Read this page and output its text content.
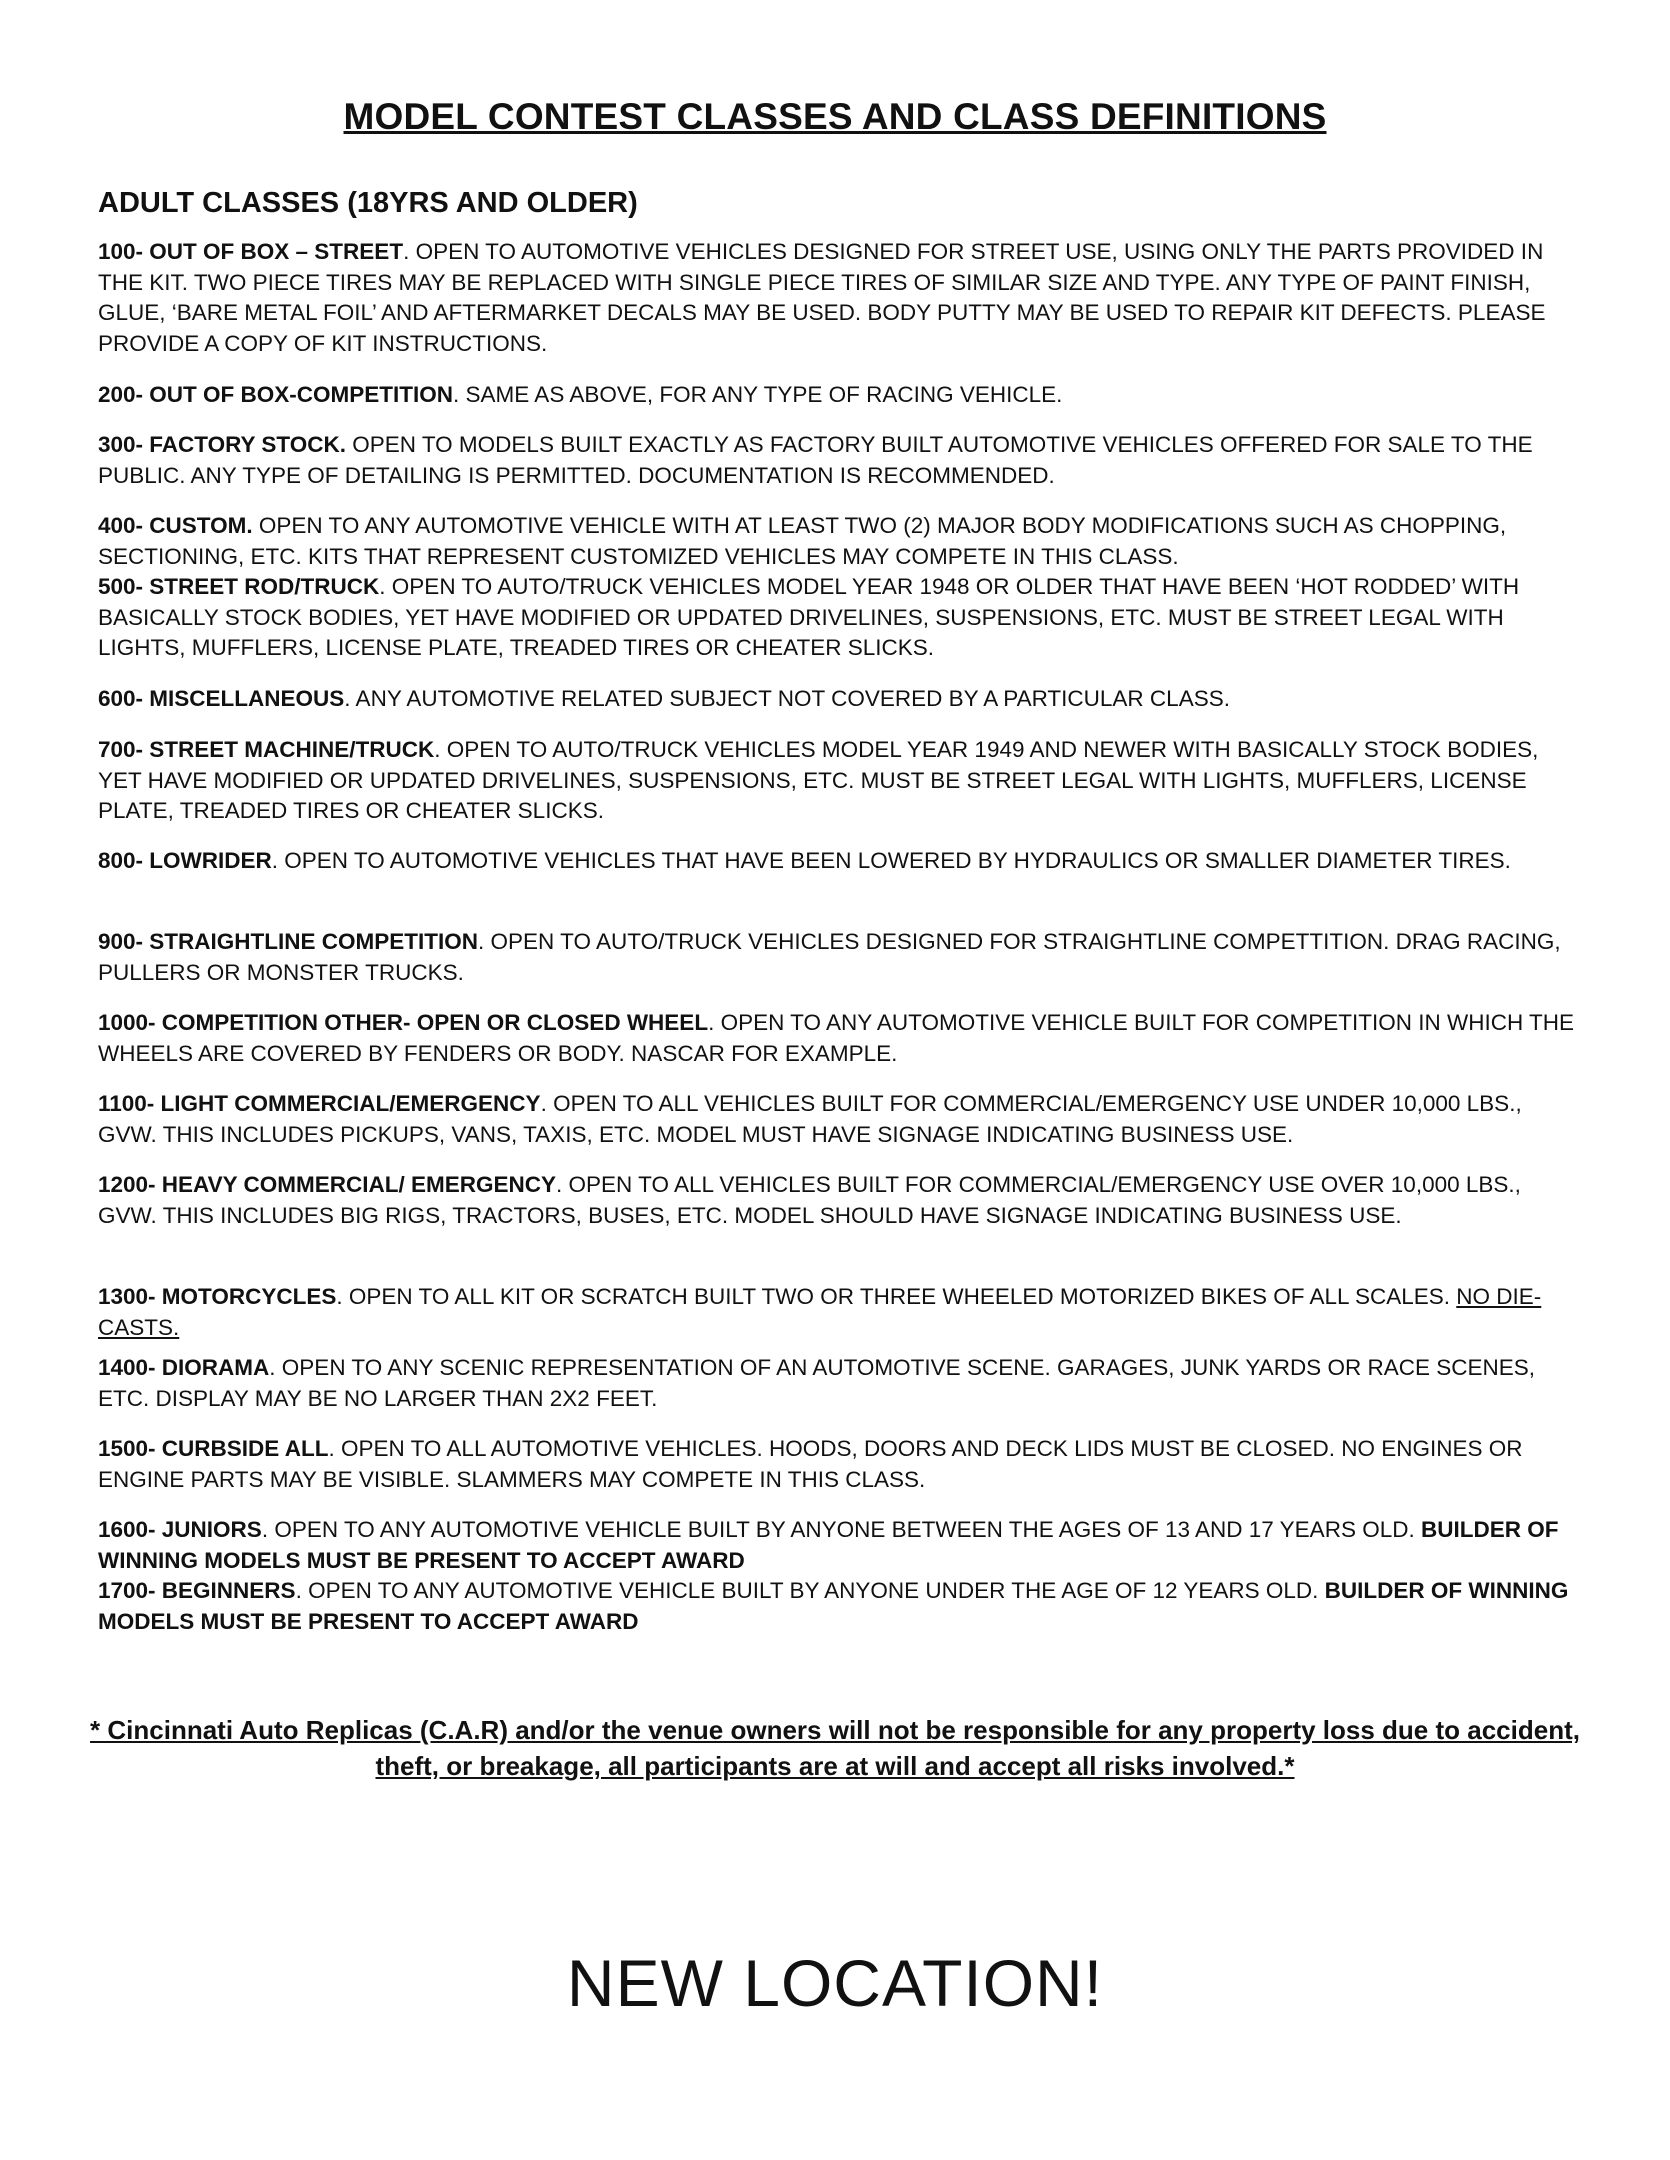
MODEL CONTEST CLASSES AND CLASS DEFINITIONS
ADULT CLASSES (18YRS AND OLDER)
100- OUT OF BOX – STREET. OPEN TO AUTOMOTIVE VEHICLES DESIGNED FOR STREET USE, USING ONLY THE PARTS PROVIDED IN THE KIT. TWO PIECE TIRES MAY BE REPLACED WITH SINGLE PIECE TIRES OF SIMILAR SIZE AND TYPE. ANY TYPE OF PAINT FINISH, GLUE, ‘BARE METAL FOIL’ AND AFTERMARKET DECALS MAY BE USED. BODY PUTTY MAY BE USED TO REPAIR KIT DEFECTS. PLEASE PROVIDE A COPY OF KIT INSTRUCTIONS.
200- OUT OF BOX-COMPETITION. SAME AS ABOVE, FOR ANY TYPE OF RACING VEHICLE.
300- FACTORY STOCK. OPEN TO MODELS BUILT EXACTLY AS FACTORY BUILT AUTOMOTIVE VEHICLES OFFERED FOR SALE TO THE PUBLIC. ANY TYPE OF DETAILING IS PERMITTED. DOCUMENTATION IS RECOMMENDED.
400- CUSTOM. OPEN TO ANY AUTOMOTIVE VEHICLE WITH AT LEAST TWO (2) MAJOR BODY MODIFICATIONS SUCH AS CHOPPING, SECTIONING, ETC. KITS THAT REPRESENT CUSTOMIZED VEHICLES MAY COMPETE IN THIS CLASS.
500- STREET ROD/TRUCK. OPEN TO AUTO/TRUCK VEHICLES MODEL YEAR 1948 OR OLDER THAT HAVE BEEN ‘HOT RODDED’ WITH BASICALLY STOCK BODIES, YET HAVE MODIFIED OR UPDATED DRIVELINES, SUSPENSIONS, ETC. MUST BE STREET LEGAL WITH LIGHTS, MUFFLERS, LICENSE PLATE, TREADED TIRES OR CHEATER SLICKS.
600- MISCELLANEOUS. ANY AUTOMOTIVE RELATED SUBJECT NOT COVERED BY A PARTICULAR CLASS.
700- STREET MACHINE/TRUCK. OPEN TO AUTO/TRUCK VEHICLES MODEL YEAR 1949 AND NEWER WITH BASICALLY STOCK BODIES, YET HAVE MODIFIED OR UPDATED DRIVELINES, SUSPENSIONS, ETC. MUST BE STREET LEGAL WITH LIGHTS, MUFFLERS, LICENSE PLATE, TREADED TIRES OR CHEATER SLICKS.
800- LOWRIDER. OPEN TO AUTOMOTIVE VEHICLES THAT HAVE BEEN LOWERED BY HYDRAULICS OR SMALLER DIAMETER TIRES.
900- STRAIGHTLINE COMPETITION. OPEN TO AUTO/TRUCK VEHICLES DESIGNED FOR STRAIGHTLINE COMPETTITION. DRAG RACING, PULLERS OR MONSTER TRUCKS.
1000- COMPETITION OTHER- OPEN OR CLOSED WHEEL. OPEN TO ANY AUTOMOTIVE VEHICLE BUILT FOR COMPETITION IN WHICH THE WHEELS ARE COVERED BY FENDERS OR BODY. NASCAR FOR EXAMPLE.
1100- LIGHT COMMERCIAL/EMERGENCY. OPEN TO ALL VEHICLES BUILT FOR COMMERCIAL/EMERGENCY USE UNDER 10,000 LBS., GVW. THIS INCLUDES PICKUPS, VANS, TAXIS, ETC. MODEL MUST HAVE SIGNAGE INDICATING BUSINESS USE.
1200- HEAVY COMMERCIAL/ EMERGENCY. OPEN TO ALL VEHICLES BUILT FOR COMMERCIAL/EMERGENCY USE OVER 10,000 LBS., GVW. THIS INCLUDES BIG RIGS, TRACTORS, BUSES, ETC. MODEL SHOULD HAVE SIGNAGE INDICATING BUSINESS USE.
1300- MOTORCYCLES. OPEN TO ALL KIT OR SCRATCH BUILT TWO OR THREE WHEELED MOTORIZED BIKES OF ALL SCALES. NO DIE-CASTS.
1400- DIORAMA. OPEN TO ANY SCENIC REPRESENTATION OF AN AUTOMOTIVE SCENE. GARAGES, JUNK YARDS OR RACE SCENES, ETC. DISPLAY MAY BE NO LARGER THAN 2X2 FEET.
1500- CURBSIDE ALL. OPEN TO ALL AUTOMOTIVE VEHICLES. HOODS, DOORS AND DECK LIDS MUST BE CLOSED. NO ENGINES OR ENGINE PARTS MAY BE VISIBLE. SLAMMERS MAY COMPETE IN THIS CLASS.
1600- JUNIORS. OPEN TO ANY AUTOMOTIVE VEHICLE BUILT BY ANYONE BETWEEN THE AGES OF 13 AND 17 YEARS OLD. BUILDER OF WINNING MODELS MUST BE PRESENT TO ACCEPT AWARD
1700- BEGINNERS. OPEN TO ANY AUTOMOTIVE VEHICLE BUILT BY ANYONE UNDER THE AGE OF 12 YEARS OLD. BUILDER OF WINNING MODELS MUST BE PRESENT TO ACCEPT AWARD
* Cincinnati Auto Replicas (C.A.R) and/or the venue owners will not be responsible for any property loss due to accident, theft, or breakage, all participants are at will and accept all risks involved.*
NEW LOCATION!
